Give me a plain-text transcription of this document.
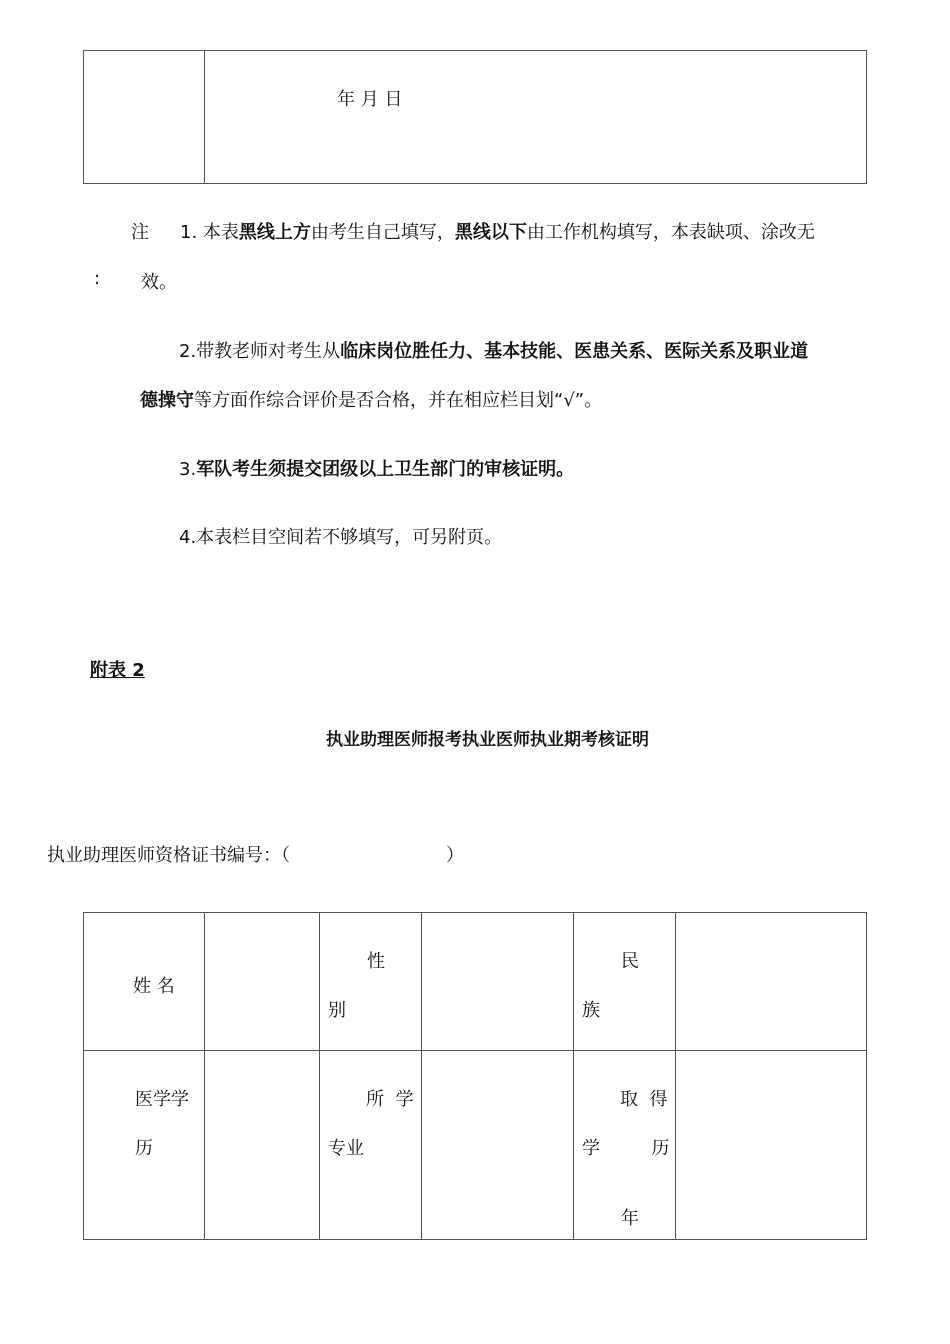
年 月 日
注 1. 本表黑线上方由考生自己填写，黑线以下由工作机构填写，本表缺项、涂改无
: 效。
2.带教老师对考生从临床岗位胜任力、基本技能、医患关系、医际关系及职业道
德操守等方面作综合评价是否合格，并在相应栏目划“√”。
3.军队考生须提交团级以上卫生部门的审核证明。
4.本表栏目空间若不够填写，可另附页。
附表 2
执业助理医师报考执业医师执业期考核证明
执业助理医师资格证书编号：（	）
姓 名
性
别
民
族
医学学
历
所  学
专业
取  得
学         历
年
